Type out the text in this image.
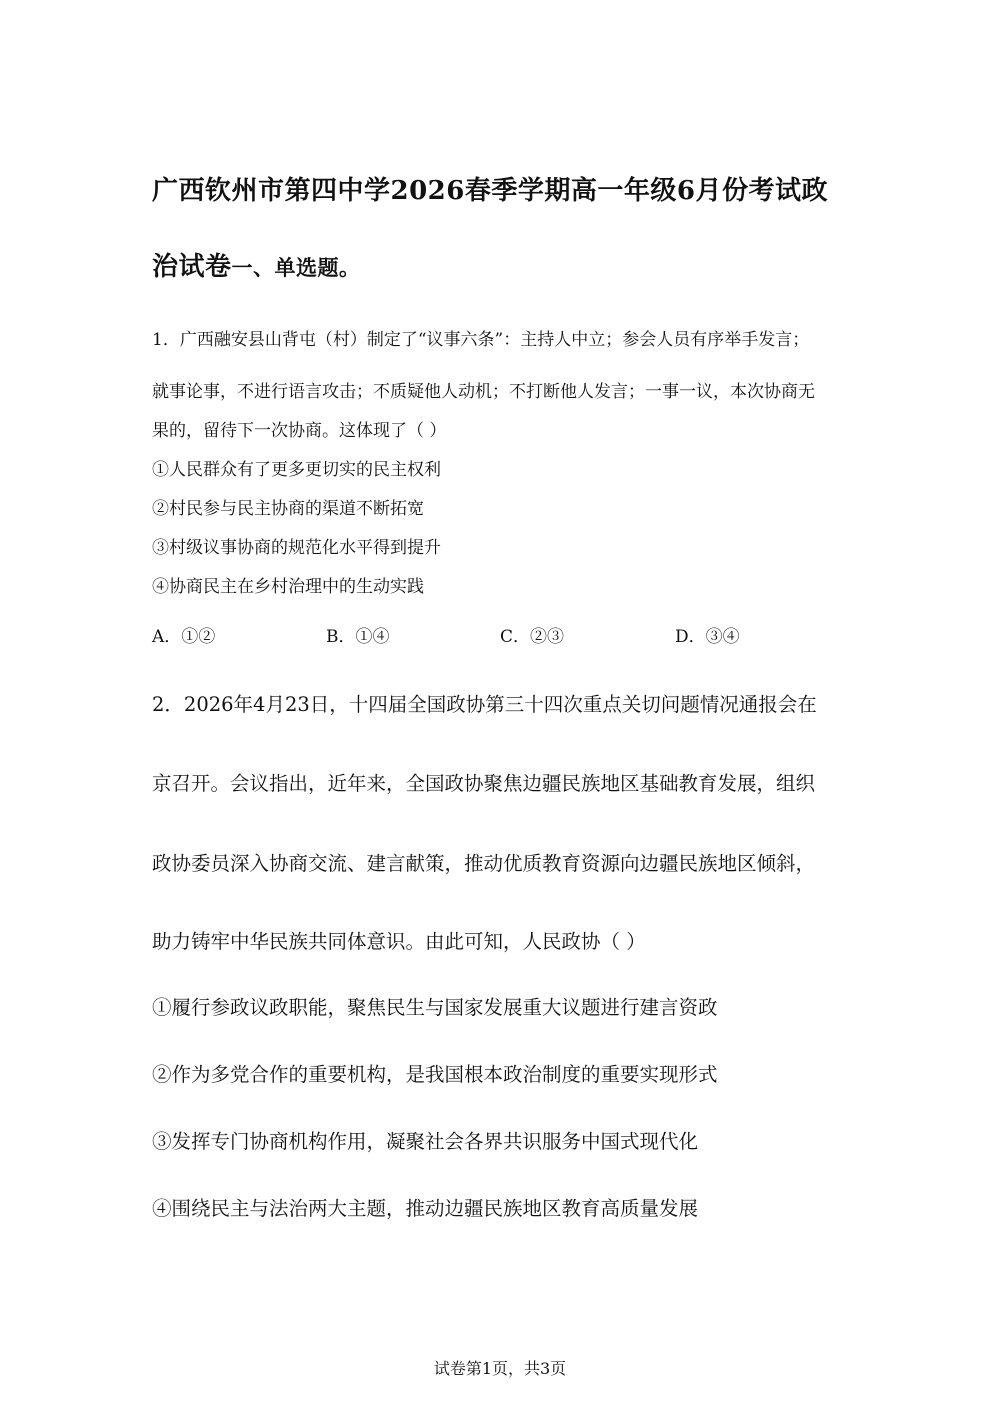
广西钦州市第四中学2026春季学期高一年级6月份考试政
治试卷一、单选题。
1．广西融安县山背屯（村）制定了“议事六条”：主持人中立；参会人员有序举手发言；
就事论事，不进行语言攻击；不质疑他人动机；不打断他人发言；一事一议，本次协商无
果的，留待下一次协商。这体现了（ ）
①人民群众有了更多更切实的民主权利
②村民参与民主协商的渠道不断拓宽
③村级议事协商的规范化水平得到提升
④协商民主在乡村治理中的生动实践
A．①②	B．①④	C．②③	D．③④
2．2026年4月23日，十四届全国政协第三十四次重点关切问题情况通报会在
京召开。会议指出，近年来，全国政协聚焦边疆民族地区基础教育发展，组织
政协委员深入协商交流、建言献策，推动优质教育资源向边疆民族地区倾斜，
助力铸牢中华民族共同体意识。由此可知，人民政协（ ）
①履行参政议政职能，聚焦民生与国家发展重大议题进行建言资政
②作为多党合作的重要机构，是我国根本政治制度的重要实现形式
③发挥专门协商机构作用，凝聚社会各界共识服务中国式现代化
④围绕民主与法治两大主题，推动边疆民族地区教育高质量发展
试卷第1页，共3页
